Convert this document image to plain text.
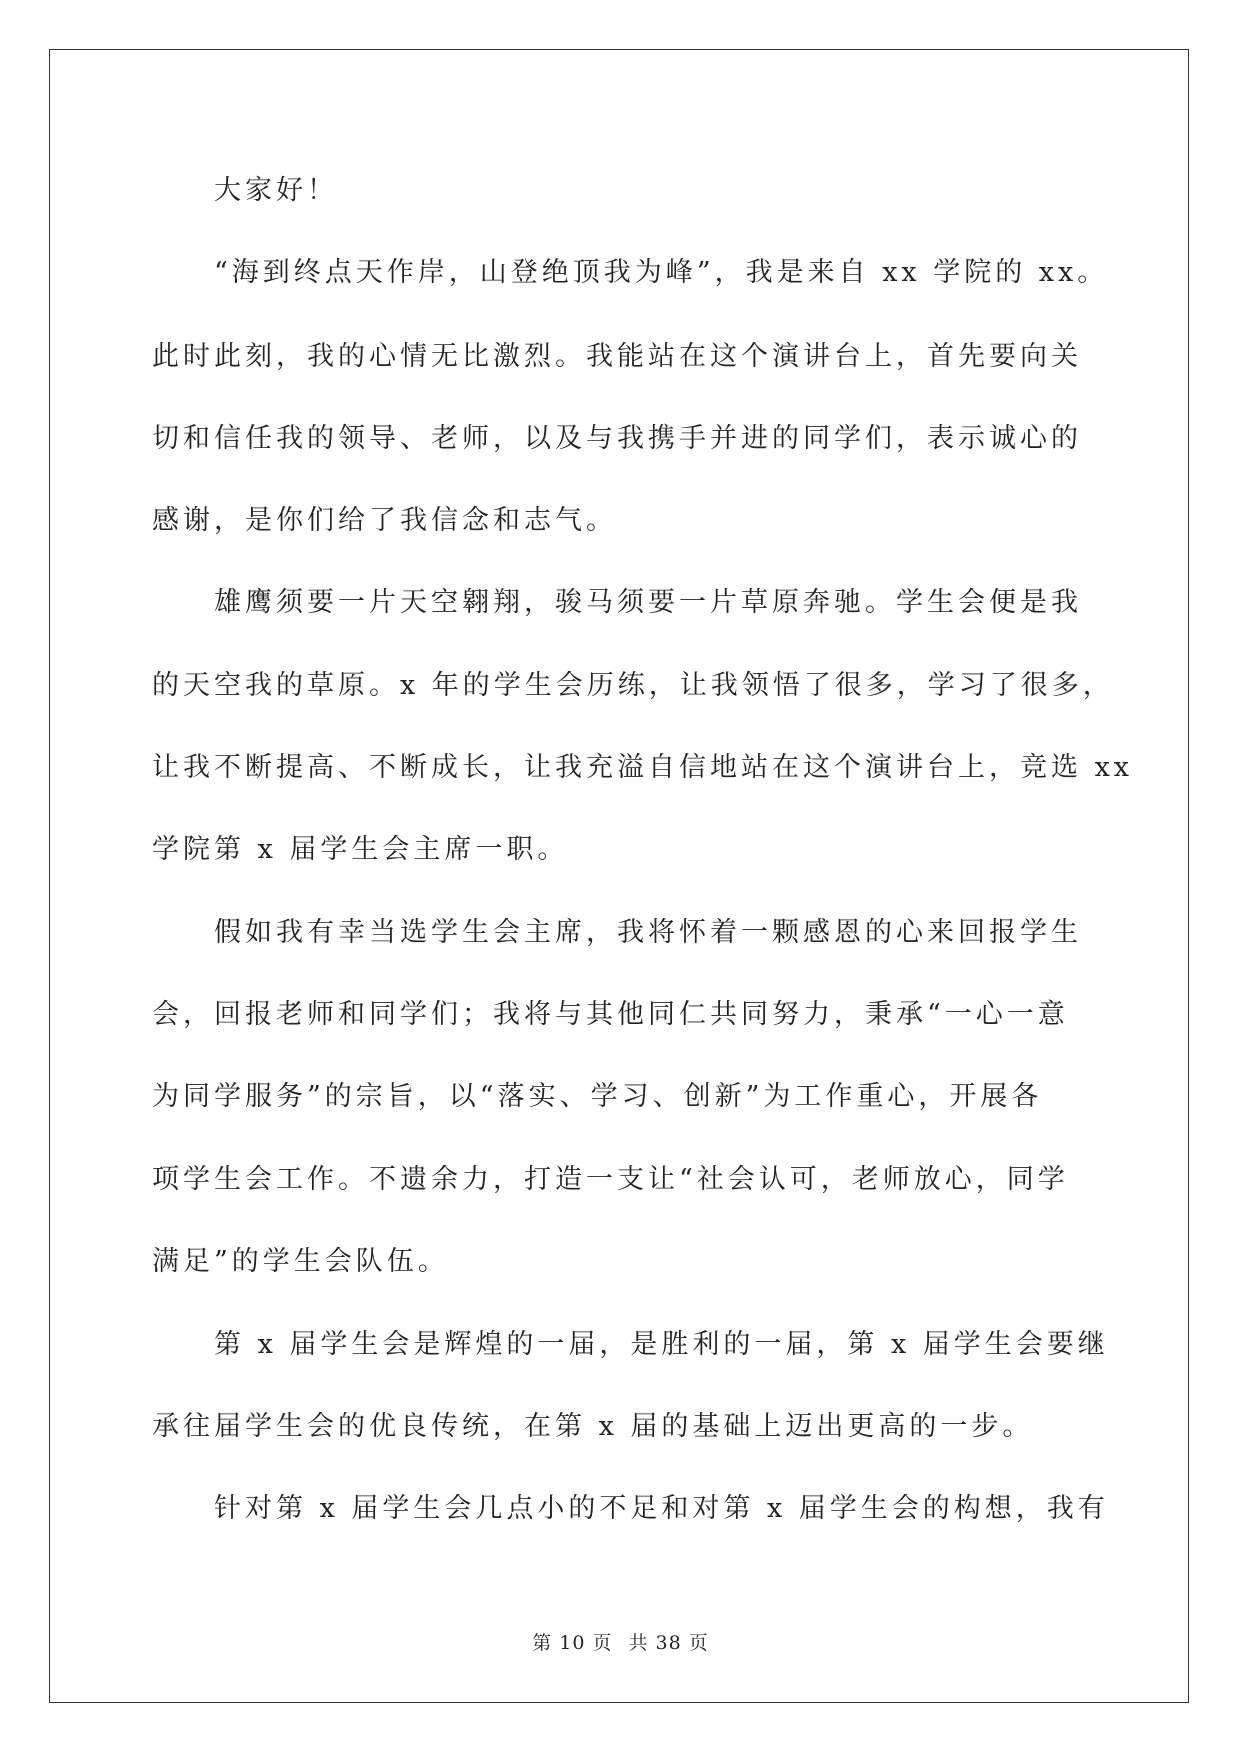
大家好！
“海到终点天作岸，山登绝顶我为峰”，我是来自 xx 学院的 xx。
此时此刻，我的心情无比激烈。我能站在这个演讲台上，首先要向关
切和信任我的领导、老师，以及与我携手并进的同学们，表示诚心的
感谢，是你们给了我信念和志气。
雄鹰须要一片天空翱翔，骏马须要一片草原奔驰。学生会便是我
的天空我的草原。x 年的学生会历练，让我领悟了很多，学习了很多，
让我不断提高、不断成长，让我充溢自信地站在这个演讲台上，竞选 xx
学院第 x 届学生会主席一职。
假如我有幸当选学生会主席，我将怀着一颗感恩的心来回报学生
会，回报老师和同学们；我将与其他同仁共同努力，秉承“一心一意
为同学服务”的宗旨，以“落实、学习、创新”为工作重心，开展各
项学生会工作。不遗余力，打造一支让“社会认可，老师放心，同学
满足”的学生会队伍。
第 x 届学生会是辉煌的一届，是胜利的一届，第 x 届学生会要继
承往届学生会的优良传统，在第 x 届的基础上迈出更高的一步。
针对第 x 届学生会几点小的不足和对第 x 届学生会的构想，我有
第 10 页 共 38 页
